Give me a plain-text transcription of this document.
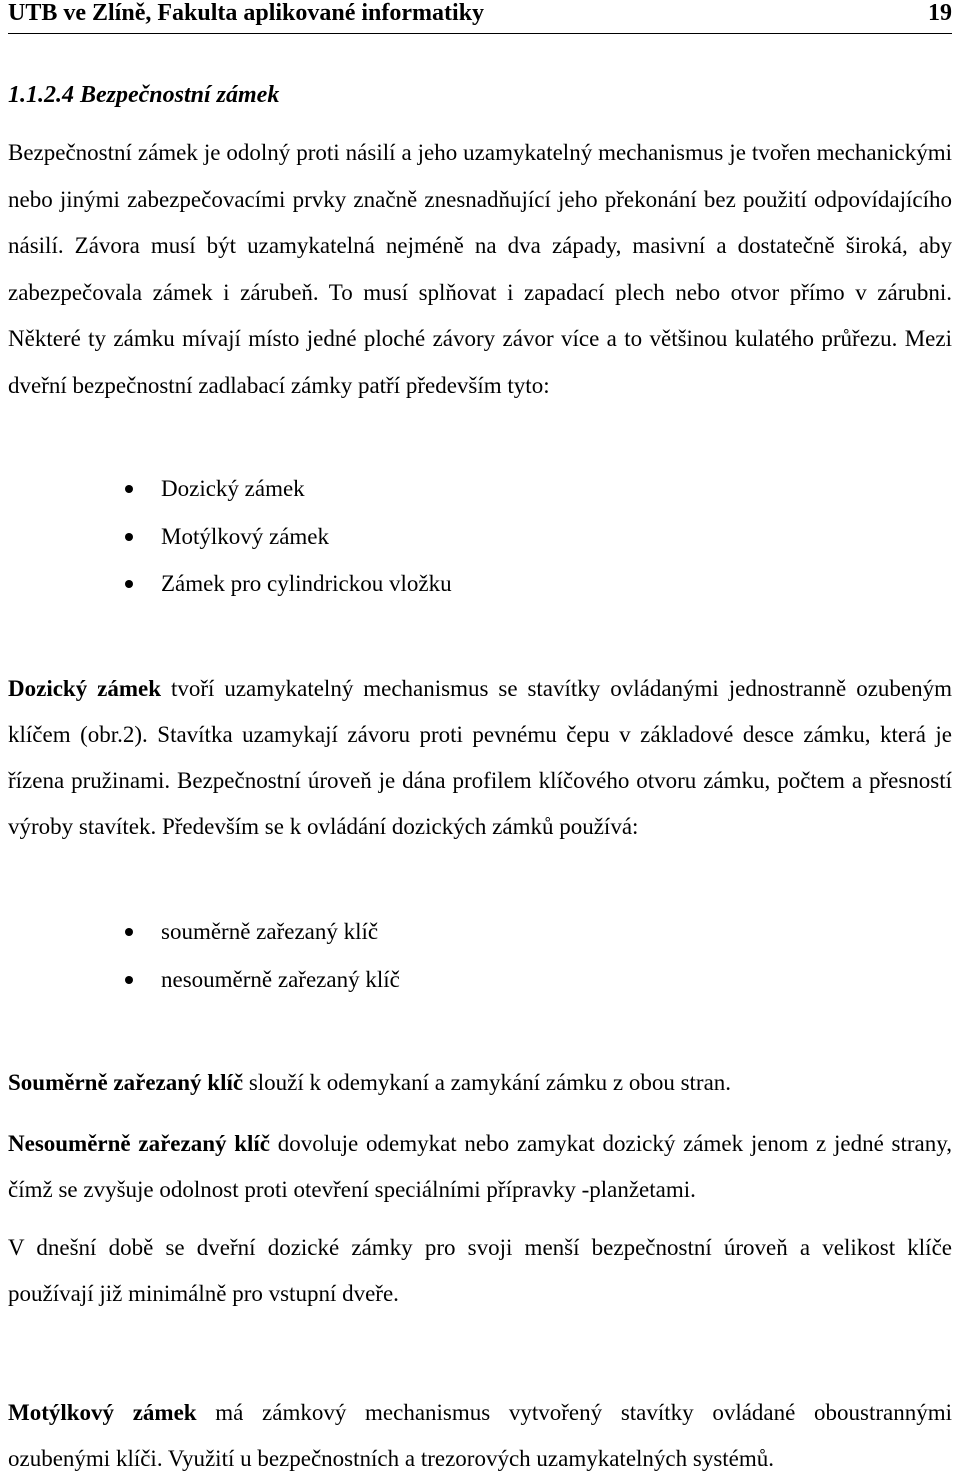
UTB ve Zlíně, Fakulta aplikované informatiky	19
1.1.2.4 Bezpečnostní zámek

Bezpečnostní zámek je odolný proti násilí a jeho uzamykatelný mechanismus je tvořen mechanickými nebo jinými zabezpečovacími prvky značně znesnadňující jeho překonání bez použití odpovídajícího násilí. Závora musí být uzamykatelná nejméně na dva západy, masivní a dostatečně široká, aby zabezpečovala zámek i zárubeň. To musí splňovat i zapadací plech nebo otvor přímo v zárubni. Některé ty zámku mívají místo jedné ploché závory závor více a to většinou kulatého průřezu. Mezi dveřní bezpečnostní zadlabací zámky patří především tyto:

Dozický zámek
Motýlkový zámek
Zámek pro cylindrickou vložku

Dozický zámek tvoří uzamykatelný mechanismus se stavítky ovládanými jednostranně ozubeným klíčem (obr.2). Stavítka uzamykají závoru proti pevnému čepu v základové desce zámku, která je řízena pružinami. Bezpečnostní úroveň je dána profilem klíčového otvoru zámku, počtem a přesností výroby stavítek. Především se k ovládání dozických zámků používá:

souměrně zařezaný klíč
nesouměrně zařezaný klíč

Souměrně zařezaný klíč slouží k odemykaní a zamykání zámku z obou stran.

Nesouměrně zařezaný klíč dovoluje odemykat nebo zamykat dozický zámek jenom z jedné strany, čímž se zvyšuje odolnost proti otevření speciálními přípravky -planžetami.

V dnešní době se dveřní dozické zámky pro svoji menší bezpečnostní úroveň a velikost klíče používají již minimálně pro vstupní dveře.

Motýlkový zámek má zámkový mechanismus vytvořený stavítky ovládané oboustrannými ozubenými klíči. Využití u bezpečnostních a trezorových uzamykatelných systémů.
